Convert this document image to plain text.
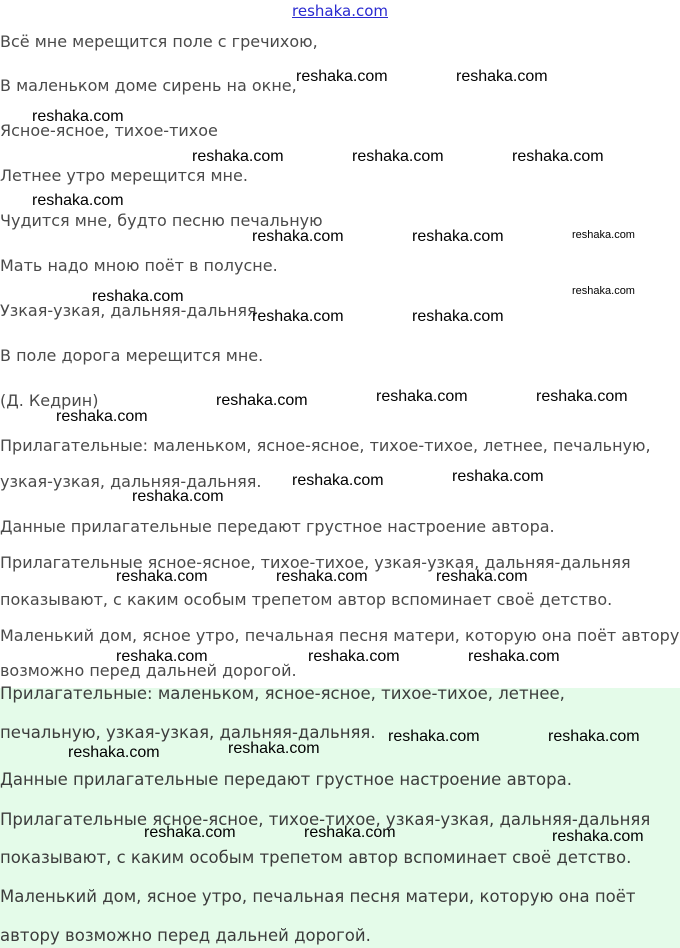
reshaka.com
Всё мне мерещится поле с гречихою,
В маленьком доме сирень на окне,
Ясное-ясное, тихое-тихое
Летнее утро мерещится мне.
Чудится мне, будто песню печальную
Мать надо мною поёт в полусне.
Узкая-узкая, дальняя-дальняя
В поле дорога мерещится мне.
(Д. Кедрин)
Прилагательные: маленьком, ясное-ясное, тихое-тихое, летнее, печальную,
узкая-узкая, дальняя-дальняя.
Данные прилагательные передают грустное настроение автора.
Прилагательные ясное-ясное, тихое-тихое, узкая-узкая, дальняя-дальняя
показывают, с каким особым трепетом автор вспоминает своё детство.
Маленький дом, ясное утро, печальная песня матери, которую она поёт автору
возможно перед дальней дорогой.
Прилагательные: маленьком, ясное-ясное, тихое-тихое, летнее,
печальную, узкая-узкая, дальняя-дальняя.
Данные прилагательные передают грустное настроение автора.
Прилагательные ясное-ясное, тихое-тихое, узкая-узкая, дальняя-дальняя
показывают, с каким особым трепетом автор вспоминает своё детство.
Маленький дом, ясное утро, печальная песня матери, которую она поёт
автору возможно перед дальней дорогой.
reshaka.com	reshaka.com
reshaka.com
reshaka.com	reshaka.com	reshaka.com
reshaka.com
reshaka.com	reshaka.com	reshaka.com
reshaka.com	reshaka.com
reshaka.com	reshaka.com
reshaka.com	reshaka.com	reshaka.com
reshaka.com
reshaka.com	reshaka.com
reshaka.com
reshaka.com	reshaka.com	reshaka.com
reshaka.com	reshaka.com	reshaka.com
reshaka.com	reshaka.com
reshaka.com
reshaka.com
reshaka.com	reshaka.com	reshaka.com
